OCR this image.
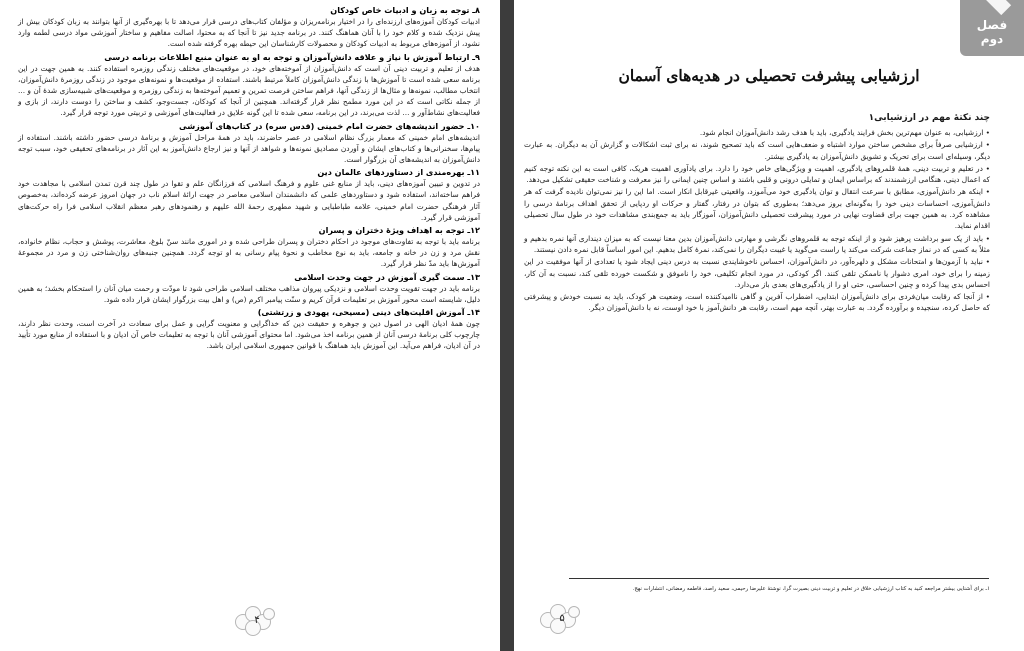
۸ـ توجه به زبان و ادبیات خاص کودکان

ادبیات کودکان آموزه‌های ارزنده‌ای را در اختیار برنامه‌ریزان و مؤلفان کتاب‌های درسی قرار می‌دهد تا با بهره‌گیری از آنها بتوانند به زبان کودکان بیش از پیش نزدیک شده و کلام خود را با آنان هماهنگ کنند. در برنامه جدید نیز تا آنجا که به محتوا، اصالت مفاهیم و ساختار آموزشی مواد درسی لطمه وارد نشود، از آموزه‌های مربوط به ادبیات کودکان و محصولات کارشناسان این حیطه بهره گرفته شده است.

۹ـ ارتباط آموزش با نیاز و علاقه دانش‌آموزان و توجه به او به عنوان منبع اطلاعات برنامه درسی

هدف از تعلیم و تربیت دینی آن است که دانش‌آموزان از آموخته‌های خود، در موقعیت‌های مختلف زندگی روزمره استفاده کنند. به همین جهت در این برنامه سعی شده است تا آموزش‌ها با زندگی دانش‌آموزان کاملاً مرتبط باشند. استفاده از موقعیت‌ها و نمونه‌های موجود در زندگی روزمرهٔ دانش‌آموزان، انتخاب مطالب، نمونه‌ها و مثال‌ها از زندگی آنها، فراهم ساختن فرصت تمرین و تعمیم آموخته‌ها به زندگی روزمره و موقعیت‌های شبیه‌سازی شدهٔ آن و ... از جمله نکاتی است که در این مورد مطمح نظر قرار گرفته‌اند. همچنین از آنجا که کودکان، جست‌وجو، کشف و ساختن را دوست دارند، از بازی و فعالیت‌های نشاط‌آور و ... لذت می‌برند، در این برنامه، سعی شده تا این گونه علایق در فعالیت‌های آموزشی و تربیتی مورد توجه قرار گیرد.

۱۰ـ حضور اندیشه‌های حضرت امام خمینی (قدس سره) در کتاب‌های آموزشی

اندیشه‌های امام خمینی که معمار بزرگ نظام اسلامی در عصر حاضرند، باید در همهٔ مراحل آموزش و برنامهٔ درسی حضور داشته باشند. استفاده از پیام‌ها، سخنرانی‌ها و کتاب‌های ایشان و آوردن مصادیق نمونه‌ها و شواهد از آنها و نیز ارجاع دانش‌آموز به این آثار در برنامه‌های تحقیقی خود، سبب توجه دانش‌آموزان به اندیشه‌های آن بزرگوار است.

۱۱ـ بهره‌مندی از دستاوردهای عالمان دین

در تدوین و تبیین آموزه‌های دینی، باید از منابع غنی علوم و فرهنگ اسلامی که فرزانگان علم و تقوا در طول چند قرن تمدن اسلامی با مجاهدت خود فراهم ساخته‌اند، استفاده شود و دستاوردهای علمی که دانشمندان اسلامی معاصر در جهت ارائهٔ اسلام ناب در جهان امروز عرضه کرده‌اند، به‌خصوص آثار فرهنگی حضرت امام خمینی، علامه طباطبایی و شهید مطهری رحمهٔ الله علیهم و رهنمودهای رهبر معظم انقلاب اسلامی فرا راه حرکت‌های آموزشی قرار گیرد.

۱۲ـ توجه به اهداف ویژهٔ دختران و پسران

برنامه باید با توجه به تفاوت‌های موجود در احکام دختران و پسران طراحی شده و در اموری مانند سنّ بلوغ، معاشرت، پوشش و حجاب، نظام خانواده، نقش مرد و زن در خانه و جامعه، باید به نوع مخاطب و نحوهٔ پیام رسانی به او توجه گردد. همچنین جنبه‌های روان‌شناختی زن و مرد در مجموعهٔ آموزش‌ها باید مدّ نظر قرار گیرد.

۱۳ـ سمت گیری آموزش در جهت وحدت اسلامی

برنامه باید در جهت تقویت وحدت اسلامی و نزدیکی پیروان مذاهب مختلف اسلامی طراحی شود تا مودّت و رحمت میان آنان را استحکام بخشد؛ به همین دلیل، شایسته است محور آموزش بر تعلیمات قرآن کریم و سنّت پیامبر اکرم (ص) و اهل بیت بزرگوار ایشان قرار داده شود.

۱۴ـ آموزش اقلیت‌های دینی (مسیحی، یهودی و زرتشتی)

چون همهٔ ادیان الهی در اصول دین و جوهره و حقیقت دین که خداگرایی و معنویت گرایی و عمل برای سعادت در آخرت است، وحدت نظر دارند، چارچوب کلی برنامهٔ درسی آنان از همین برنامه اخذ می‌شود. اما محتوای آموزشی آنان با توجه به تعلیمات خاص آن ادیان و با استفاده از منابع مورد تأیید در آن ادیان، فراهم می‌آید. این آموزش باید هماهنگ با قوانین جمهوری اسلامی ایران باشد.

۴
فصل دوم
ارزشیابی پیشرفت تحصیلی در هدیه‌های آسمان
چند نکتهٔ مهم در ارزشیابی۱

• ارزشیابی، به عنوان مهم‌ترین بخش فرایند یادگیری، باید با هدف رشد دانش‌آموزان انجام شود.

• ارزشیابی صرفاً برای مشخص ساختن موارد اشتباه و ضعف‌هایی است که باید تصحیح شوند، نه برای ثبت اشکالات و گزارش آن به دیگران. به عبارت دیگر، وسیله‌ای است برای تحریک و تشویق دانش‌آموزان به یادگیری بیشتر.

• در تعلیم و تربیت دینی، همهٔ قلمروهای یادگیری، اهمیت و ویژگی‌های خاص خود را دارد. برای یادآوری اهمیت هریک، کافی است به این نکته توجه کنیم که اعمال دینی، هنگامی ارزشمندند که براساس ایمان و تمایلی درونی و قلبی باشند و اساس چنین ایمانی را نیز معرفت و شناخت حقیقی تشکیل می‌دهد.

• اینکه هر دانش‌آموزی، مطابق با سرعت انتقال و توان یادگیری خود می‌آموزد، واقعیتی غیرقابل انکار است. اما این را نیز نمی‌توان نادیده گرفت که هر دانش‌آموزی، احساسات دینی خود را به‌گونه‌ای بروز می‌دهد؛ به‌طوری که بتوان در رفتار، گفتار و حرکات او ردپایی از تحقق اهداف برنامهٔ درسی را مشاهده کرد. به همین جهت برای قضاوت نهایی در مورد پیشرفت تحصیلی دانش‌آموزان، آموزگار باید به جمع‌بندی مشاهدات خود در طول سال تحصیلی اقدام نماید.

• باید از یک سو برداشت پرهیز شود و از اینکه توجه به قلمروهای نگرشی و مهارتی دانش‌آموزان بدین معنا نیست که به میزان دینداری آنها نمره بدهیم و مثلاً به کسی که در نماز جماعت شرکت می‌کند یا راست می‌گوید یا غیبت دیگران را نمی‌کند، نمرهٔ کامل بدهیم. این امور اساساً قابل نمره دادن نیستند.

• نباید با آزمون‌ها و امتحانات مشکل و دلهره‌آور، در دانش‌آموزان، احساس ناخوشایندی نسبت به درس دینی ایجاد شود یا تعدادی از آنها موفقیت در این زمینه را برای خود، امری دشوار یا ناممکن تلقی کنند. اگر کودکی، در مورد انجام تکلیفی، خود را ناموفق و شکست خورده تلقی کند، نسبت به آن کار، احساس بدی پیدا کرده و چنین احساسی، حتی او را از یادگیری‌های بعدی باز می‌دارد.

• از آنجا که رقابت میان‌فردی برای دانش‌آموزان ابتدایی، اضطراب آفرین و گاهی ناامیدکننده است، وضعیت هر کودک، باید به نسبت خودش و پیشرفتی که حاصل کرده، سنجیده و برآورده گردد. به عبارت بهتر، آنچه مهم است، رقابت هر دانش‌آموز با خود اوست، نه با دانش‌آموزان دیگر.

۱ـ برای آشنایی بیشتر مراجعه کنید به کتاب ارزشیابی خلاق در تعلیم و تربیت دینی بصیرت گرا، نوشتهٔ علیرضا رحیمی، سعید راصد، فاطمه رمضانی، انتشارات نهج.
۵
